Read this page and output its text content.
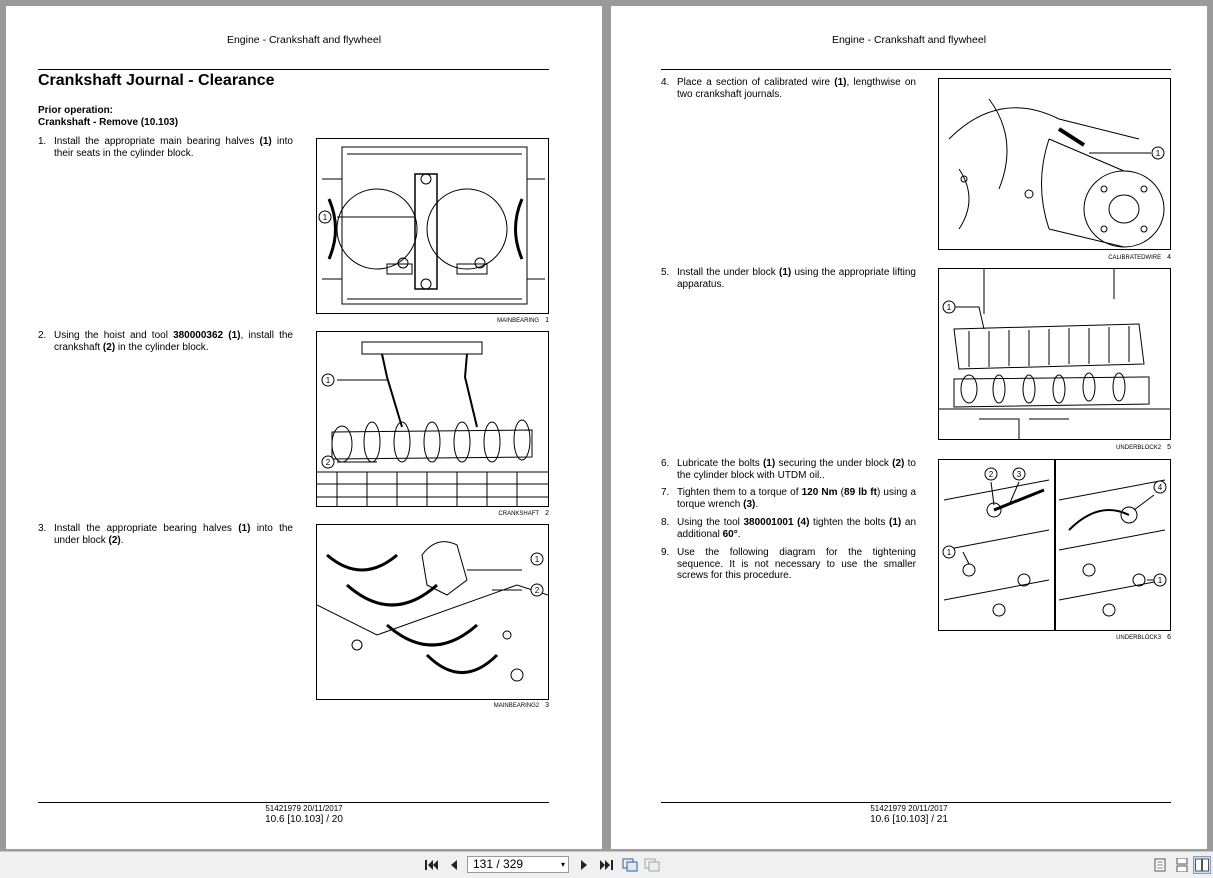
Engine - Crankshaft and flywheel
Crankshaft Journal - Clearance
Prior operation:
Crankshaft - Remove (10.103)
1. Install the appropriate main bearing halves (1) into their seats in the cylinder block.
2. Using the hoist and tool 380000362 (1), install the crankshaft (2) in the cylinder block.
3. Install the appropriate bearing halves (1) into the under block (2).
1
MAINBEARING 1
1
2
CRANKSHAFT 2
1
2
MAINBEARING2 3
51421979 20/11/2017
10.6 [10.103] / 20
Engine - Crankshaft and flywheel
4. Place a section of calibrated wire (1), lengthwise on two crankshaft journals.
5. Install the under block (1) using the appropriate lifting apparatus.
6. Lubricate the bolts (1) securing the under block (2) to the cylinder block with UTDM oil..
7. Tighten them to a torque of 120 Nm (89 lb ft) using a torque wrench (3).
8. Using the tool 380001001 (4) tighten the bolts (1) an additional 60°.
9. Use the following diagram for the tightening sequence. It is not necessary to use the smaller screws for this procedure.
1
CALIBRATEDWIRE 4
1
UNDERBLOCK2 5
2	3
4
1
1
UNDERBLOCK3 6
51421979 20/11/2017
10.6 [10.103] / 21
131 / 329	▾
